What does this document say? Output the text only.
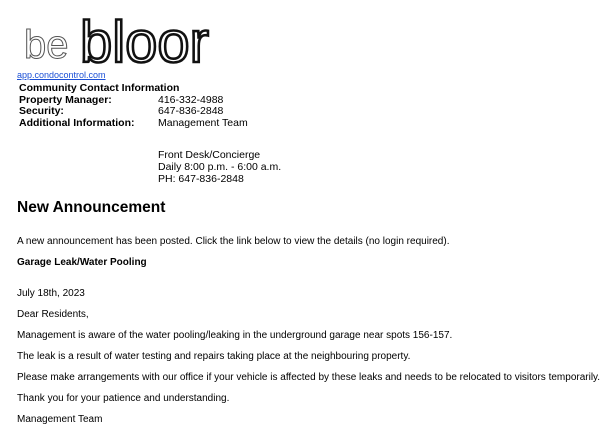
be bloor
app.condocontrol.com
Community Contact Information
Property Manager:	416-332-4988
Security:	647-836-2848
Additional Information:	Management Team
Front Desk/Concierge
Daily 8:00 p.m. - 6:00 a.m.
PH: 647-836-2848
New Announcement

A new announcement has been posted. Click the link below to view the details (no login required).

Garage Leak/Water Pooling

July 18th, 2023

Dear Residents,

Management is aware of the water pooling/leaking in the underground garage near spots 156-157.

The leak is a result of water testing and repairs taking place at the neighbouring property.

Please make arrangements with our office if your vehicle is affected by these leaks and needs to be relocated to visitors temporarily.

Thank you for your patience and understanding.

Management Team
